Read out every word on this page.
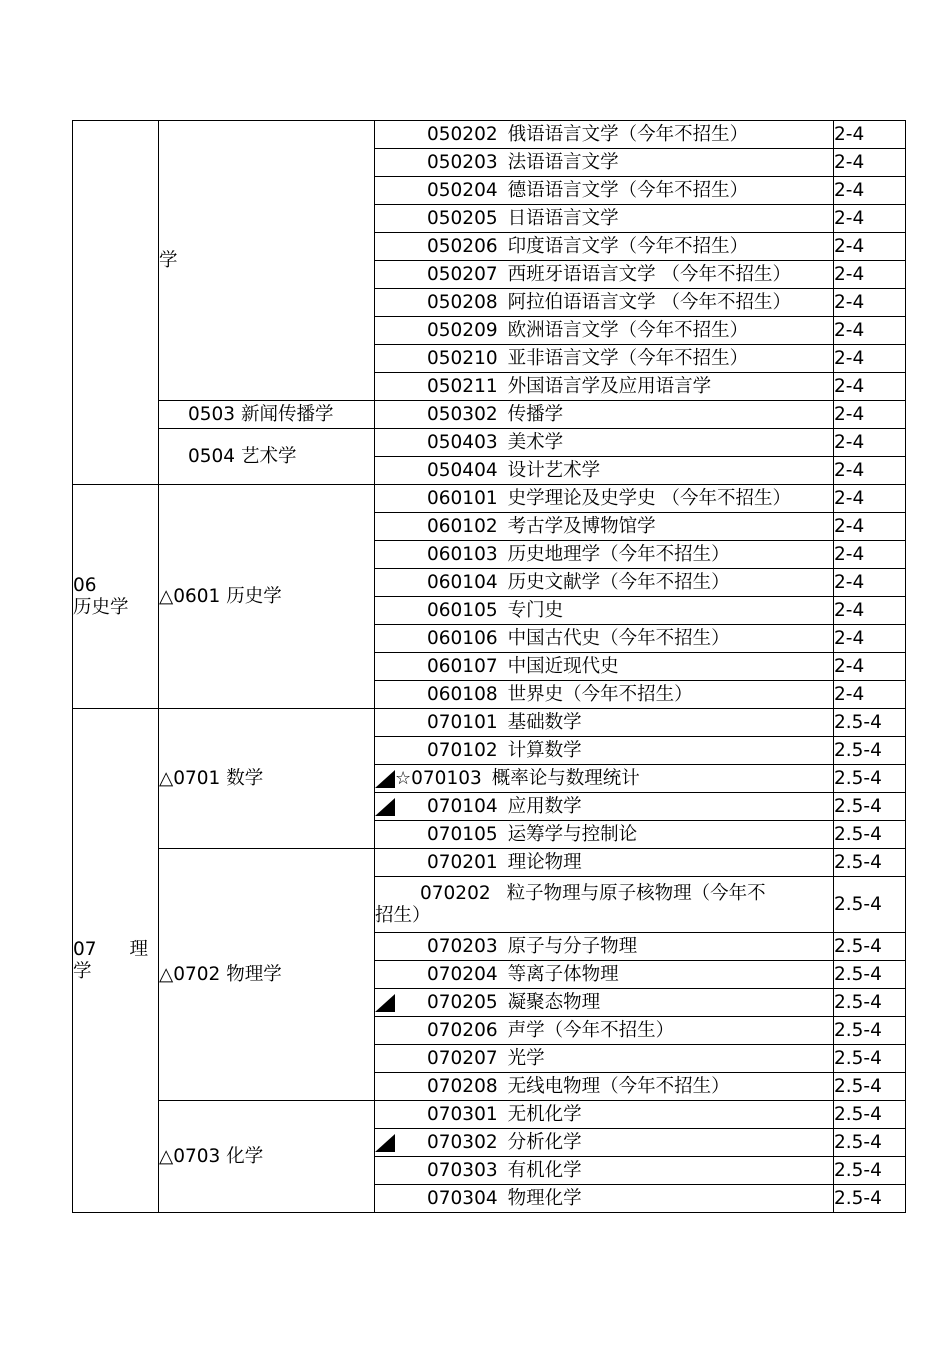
	学	050202 俄语语言文学（今年不招生）	2-4

		050203 法语语言文学	2-4

		050204 德语语言文学（今年不招生）	2-4

		050205 日语语言文学	2-4

		050206 印度语言文学（今年不招生）	2-4

		050207 西班牙语语言文学 （今年不招生）	2-4

		050208 阿拉伯语语言文学 （今年不招生）	2-4

		050209 欧洲语言文学（今年不招生）	2-4

		050210 亚非语言文学（今年不招生）	2-4

		050211 外国语言学及应用语言学	2-4
	0503 新闻传播学	050302 传播学	2-4
	0504 艺术学	050403 美术学	2-4

		050404 设计艺术学	2-4

06
历史学	△0601 历史学	060101 史学理论及史学史 （今年不招生）	2-4

		060102 考古学及博物馆学	2-4

		060103 历史地理学（今年不招生）	2-4

		060104 历史文献学（今年不招生）	2-4

		060105 专门史	2-4

		060106 中国古代史（今年不招生）	2-4

		060107 中国近现代史	2-4

		060108 世界史（今年不招生）	2-4

07 理
学	△0701 数学	070101 基础数学	2.5-4

		070102 计算数学	2.5-4

		☆ 070103 概率论与数理统计	2.5-4

		070104 应用数学	2.5-4

		070105 运筹学与控制论	2.5-4
	△0702 物理学	070201 理论物理	2.5-4
		070202 粒子物理与原子核物理（今年不
招生）	2.5-4

		070203 原子与分子物理	2.5-4

		070204 等离子体物理	2.5-4

		070205 凝聚态物理	2.5-4

		070206 声学（今年不招生）	2.5-4

		070207 光学	2.5-4

		070208 无线电物理（今年不招生）	2.5-4
	△0703 化学	070301 无机化学	2.5-4

		070302 分析化学	2.5-4

		070303 有机化学	2.5-4

		070304 物理化学	2.5-4
